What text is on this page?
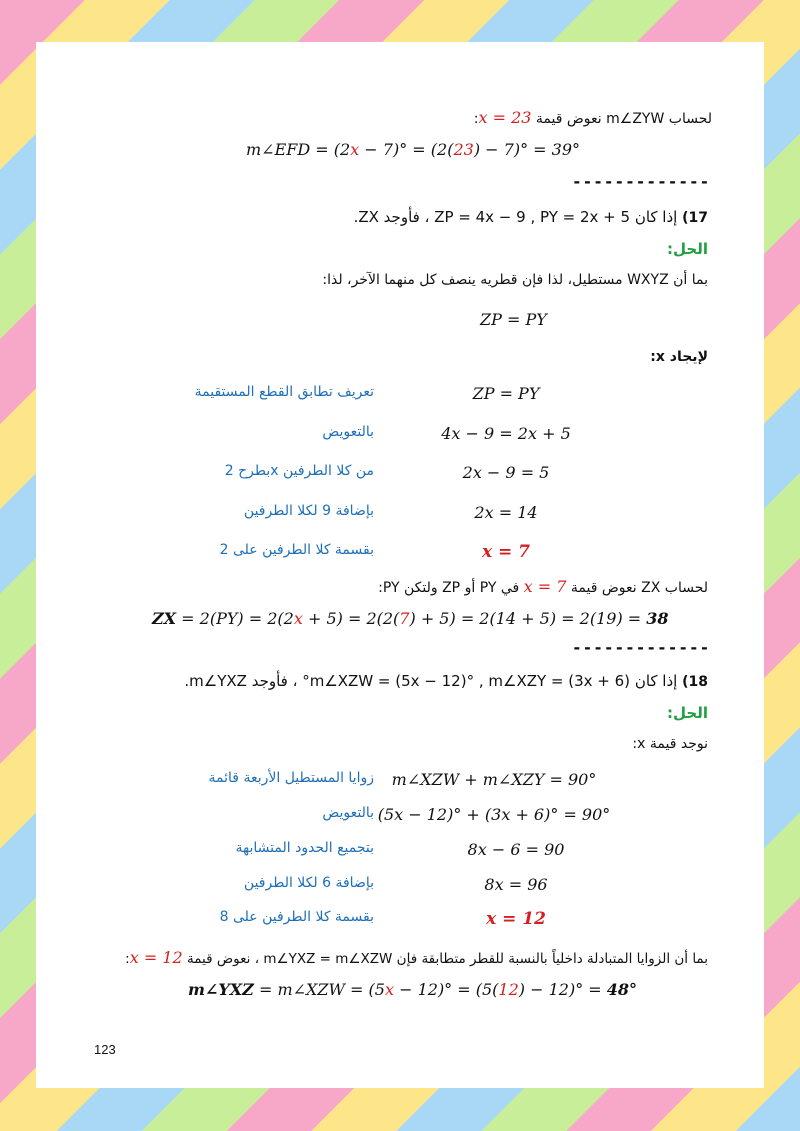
لحساب m∠ZYW نعوض قيمة x = 23:
m∠EFD = (2x − 7)° = (2(23) − 7)° = 39°
-------------
17) إذا كان ZP = 4x − 9 , PY = 2x + 5 ، فأوجد ZX.
الحل:
بما أن WXYZ مستطيل، لذا فإن قطريه ينصف كل منهما الآخر، لذا:
ZP = PY
لإيجاد x:
ZP = PY
تعريف تطابق القطع المستقيمة
4x − 9 = 2x + 5
بالتعويض
2x − 9 = 5
بطرح 2x من كلا الطرفين
2x = 14
بإضافة 9 لكلا الطرفين
x = 7
بقسمة كلا الطرفين على 2
لحساب ZX نعوض قيمة x = 7 في PY أو ZP ولتكن PY:
ZX = 2(PY) = 2(2x + 5) = 2(2(7) + 5) = 2(14 + 5) = 2(19) = 38
-------------
18) إذا كان m∠XZW = (5x − 12)° , m∠XZY = (3x + 6)° ، فأوجد m∠YXZ.
الحل:
نوجد قيمة x:
m∠XZW + m∠XZY = 90°
زوايا المستطيل الأربعة قائمة
(5x − 12)° + (3x + 6)° = 90°
بالتعويض
8x − 6 = 90
بتجميع الحدود المتشابهة
8x = 96
بإضافة 6 لكلا الطرفين
x = 12
بقسمة كلا الطرفين على 8
بما أن الزوايا المتبادلة داخلياً بالنسبة للقطر متطابقة فإن m∠YXZ = m∠XZW ، نعوض قيمة x = 12:
m∠YXZ = m∠XZW = (5x − 12)° = (5(12) − 12)° = 48°
123
